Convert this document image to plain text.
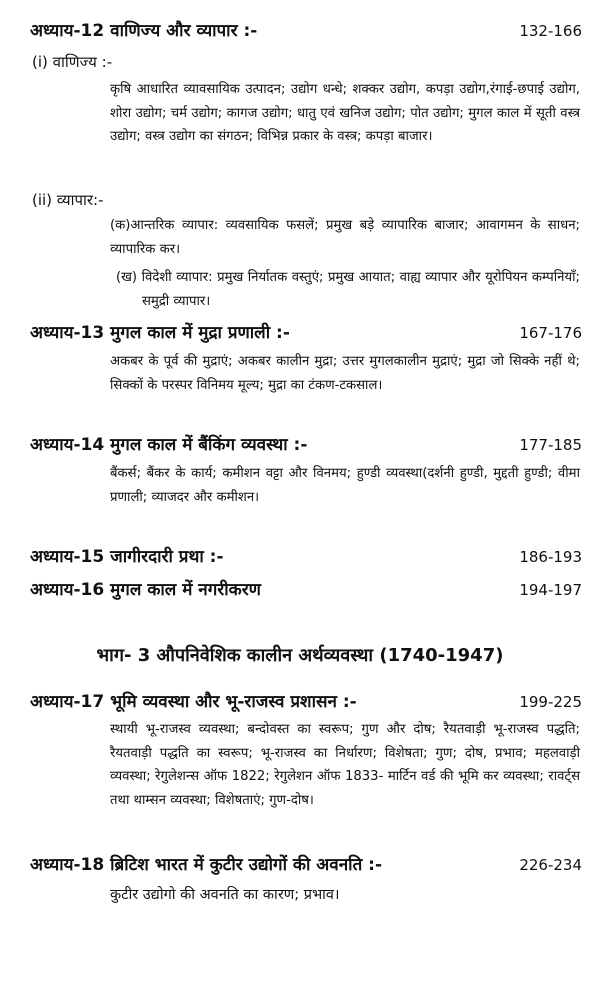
अध्याय-12 वाणिज्य और व्यापार :-	132-166
(i) वाणिज्य :-
कृषि आधारित व्यावसायिक उत्पादन; उद्योग धन्धे; शक्कर उद्योग, कपड़ा उद्योग,रंगाई-छपाई उद्योग, शोरा उद्योग; चर्म उद्योग; कागज उद्योग; धातु एवं खनिज उद्योग; पोत उद्योग; मुगल काल में सूती वस्त्र उद्योग; वस्त्र उद्योग का संगठन; विभिन्न प्रकार के वस्त्र; कपड़ा बाजार।
(ii) व्यापार:-
(क)आन्तरिक व्यापार: व्यवसायिक फसलें; प्रमुख बड़े व्यापारिक बाजार; आवागमन के साधन; व्यापारिक कर।
(ख) विदेशी व्यापार: प्रमुख निर्यातक वस्तुएं; प्रमुख आयात; वाह्य व्यापार और यूरोपियन कम्पनियाँ; समुद्री व्यापार।
अध्याय-13 मुगल काल में मुद्रा प्रणाली :-	167-176
अकबर के पूर्व की मुद्राएं; अकबर कालीन मुद्रा; उत्तर मुगलकालीन मुद्राएं; मुद्रा जो सिक्के नहीं थे; सिक्कों के परस्पर विनिमय मूल्य; मुद्रा का टंकण-टकसाल।
अध्याय-14 मुगल काल में बैंकिंग व्यवस्था :-	177-185
बैंकर्स; बैंकर के कार्य; कमीशन वट्टा और विनमय; हुण्डी व्यवस्था(दर्शनी हुण्डी, मुद्दती हुण्डी; वीमा प्रणाली; व्याजदर और कमीशन।
अध्याय-15 जागीरदारी प्रथा :-	186-193
अध्याय-16 मुगल काल में नगरीकरण	194-197
भाग- 3 औपनिवेशिक कालीन अर्थव्यवस्था (1740-1947)
अध्याय-17 भूमि व्यवस्था और भू-राजस्व प्रशासन :-	199-225
स्थायी भू-राजस्व व्यवस्था; बन्दोवस्त का स्वरूप; गुण और दोष; रैयतवाड़ी भू-राजस्व पद्धति; रैयतवाड़ी पद्धति का स्वरूप; भू-राजस्व का निर्धारण; विशेषता; गुण; दोष, प्रभाव; महलवाड़ी व्यवस्था; रेगुलेशन्स ऑफ 1822; रेगुलेशन ऑफ 1833- मार्टिन वर्ड की भूमि कर व्यवस्था; रावर्ट्स तथा थाम्सन व्यवस्था; विशेषताएं; गुण-दोष।
अध्याय-18 ब्रिटिश भारत में कुटीर उद्योगों की अवनति :-	226-234
कुटीर उद्योगो की अवनति का कारण; प्रभाव।
